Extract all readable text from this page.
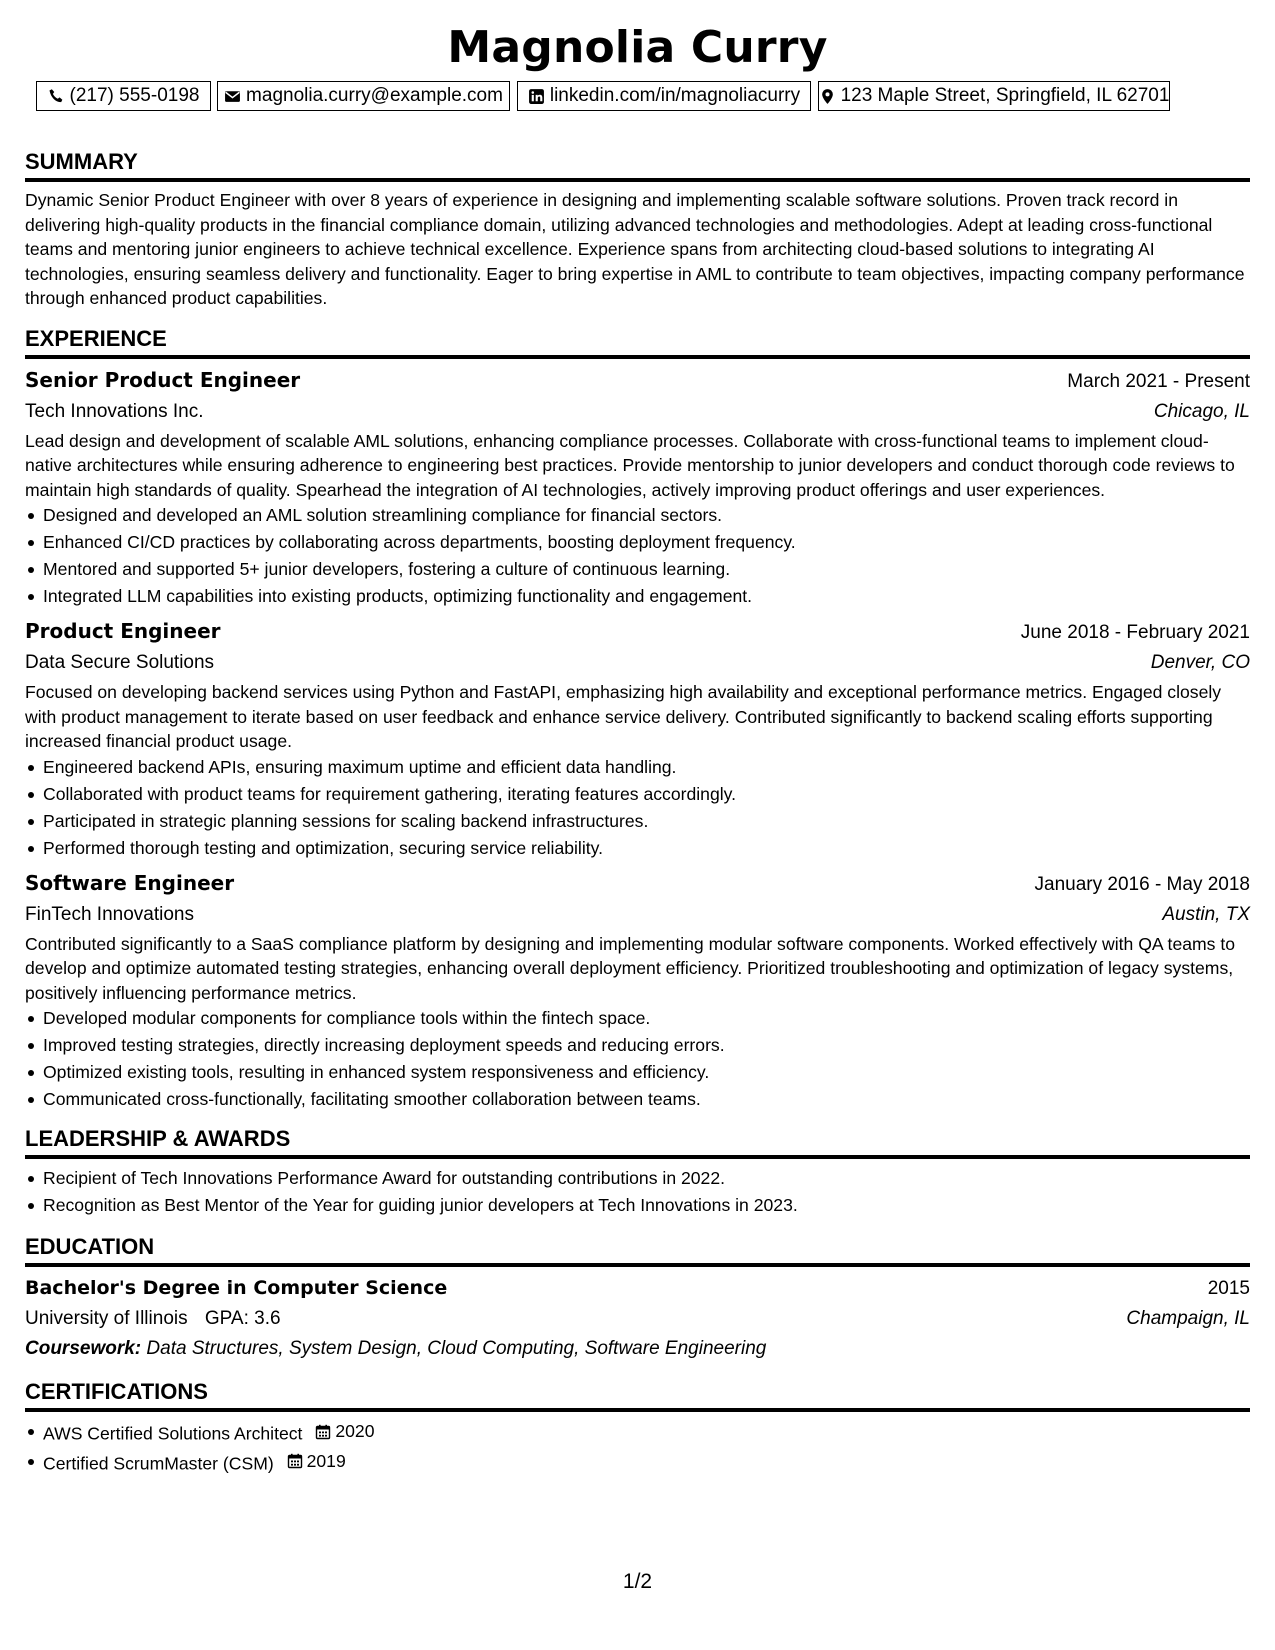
Magnolia Curry
(217) 555-0198 magnolia.curry@example.com linkedin.com/in/magnoliacurry 123 Maple Street, Springfield, IL 62701
SUMMARY
Dynamic Senior Product Engineer with over 8 years of experience in designing and implementing scalable software solutions. Proven track record in delivering high-quality products in the financial compliance domain, utilizing advanced technologies and methodologies. Adept at leading cross-functional teams and mentoring junior engineers to achieve technical excellence. Experience spans from architecting cloud-based solutions to integrating AI technologies, ensuring seamless delivery and functionality. Eager to bring expertise in AML to contribute to team objectives, impacting company performance through enhanced product capabilities.
EXPERIENCE
Senior Product Engineer	March 2021 - Present
Tech Innovations Inc.	Chicago, IL
Lead design and development of scalable AML solutions, enhancing compliance processes. Collaborate with cross-functional teams to implement cloud-native architectures while ensuring adherence to engineering best practices. Provide mentorship to junior developers and conduct thorough code reviews to maintain high standards of quality. Spearhead the integration of AI technologies, actively improving product offerings and user experiences.
Designed and developed an AML solution streamlining compliance for financial sectors.
Enhanced CI/CD practices by collaborating across departments, boosting deployment frequency.
Mentored and supported 5+ junior developers, fostering a culture of continuous learning.
Integrated LLM capabilities into existing products, optimizing functionality and engagement.
Product Engineer	June 2018 - February 2021
Data Secure Solutions	Denver, CO
Focused on developing backend services using Python and FastAPI, emphasizing high availability and exceptional performance metrics. Engaged closely with product management to iterate based on user feedback and enhance service delivery. Contributed significantly to backend scaling efforts supporting increased financial product usage.
Engineered backend APIs, ensuring maximum uptime and efficient data handling.
Collaborated with product teams for requirement gathering, iterating features accordingly.
Participated in strategic planning sessions for scaling backend infrastructures.
Performed thorough testing and optimization, securing service reliability.
Software Engineer	January 2016 - May 2018
FinTech Innovations	Austin, TX
Contributed significantly to a SaaS compliance platform by designing and implementing modular software components. Worked effectively with QA teams to develop and optimize automated testing strategies, enhancing overall deployment efficiency. Prioritized troubleshooting and optimization of legacy systems, positively influencing performance metrics.
Developed modular components for compliance tools within the fintech space.
Improved testing strategies, directly increasing deployment speeds and reducing errors.
Optimized existing tools, resulting in enhanced system responsiveness and efficiency.
Communicated cross-functionally, facilitating smoother collaboration between teams.
LEADERSHIP & AWARDS
Recipient of Tech Innovations Performance Award for outstanding contributions in 2022.
Recognition as Best Mentor of the Year for guiding junior developers at Tech Innovations in 2023.
EDUCATION
Bachelor's Degree in Computer Science	2015
University of Illinois GPA: 3.6	Champaign, IL
Coursework: Data Structures, System Design, Cloud Computing, Software Engineering
CERTIFICATIONS
AWS Certified Solutions Architect 2020
Certified ScrumMaster (CSM) 2019
1/2
